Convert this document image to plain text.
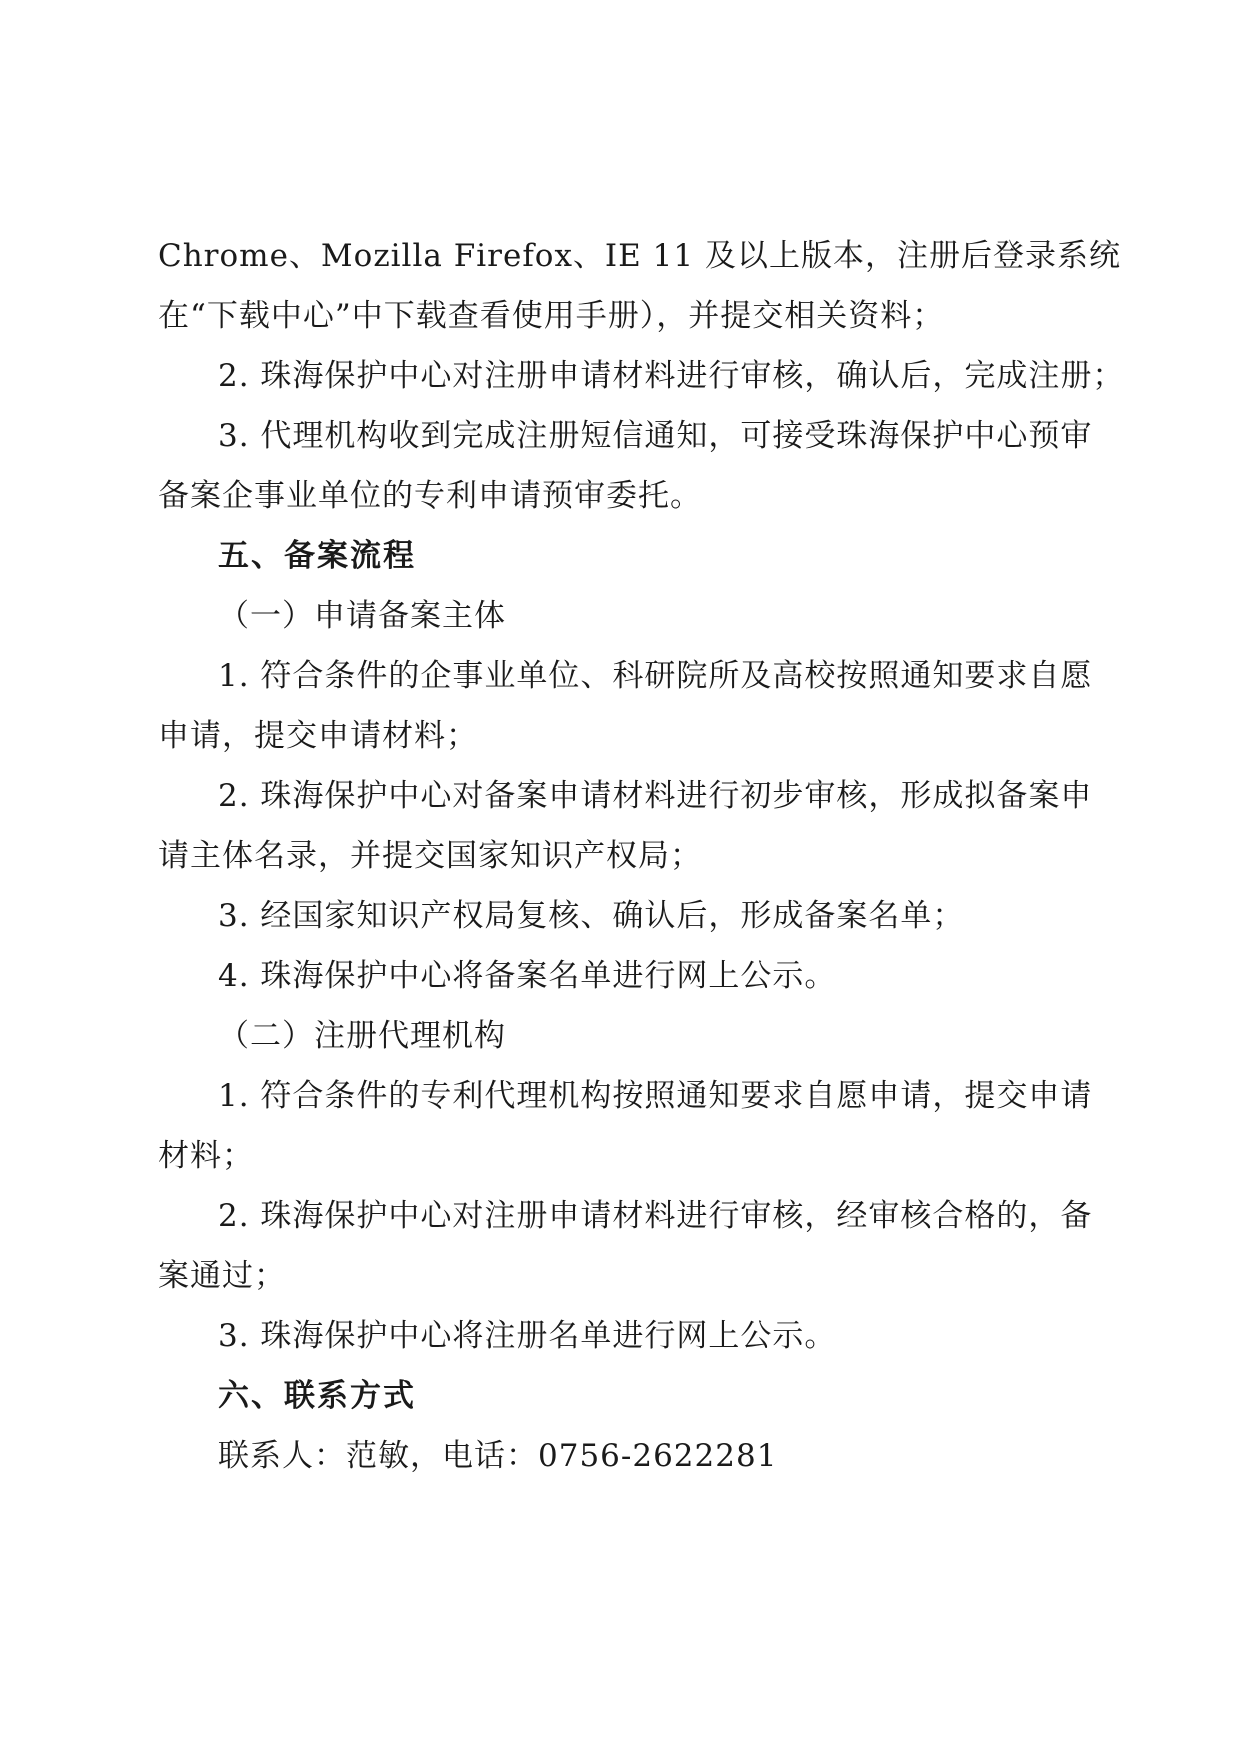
Chrome、Mozilla Firefox、IE 11 及以上版本，注册后登录系统
在“下载中心”中下载查看使用手册），并提交相关资料；
2. 珠海保护中心对注册申请材料进行审核，确认后，完成注册；
3. 代理机构收到完成注册短信通知，可接受珠海保护中心预审
备案企事业单位的专利申请预审委托。
五、备案流程
（一）申请备案主体
1. 符合条件的企事业单位、科研院所及高校按照通知要求自愿
申请，提交申请材料；
2. 珠海保护中心对备案申请材料进行初步审核，形成拟备案申
请主体名录，并提交国家知识产权局；
3. 经国家知识产权局复核、确认后，形成备案名单；
4. 珠海保护中心将备案名单进行网上公示。
（二）注册代理机构
1. 符合条件的专利代理机构按照通知要求自愿申请，提交申请
材料；
2. 珠海保护中心对注册申请材料进行审核，经审核合格的，备
案通过；
3. 珠海保护中心将注册名单进行网上公示。
六、联系方式
联系人：范敏，电话：0756-2622281
